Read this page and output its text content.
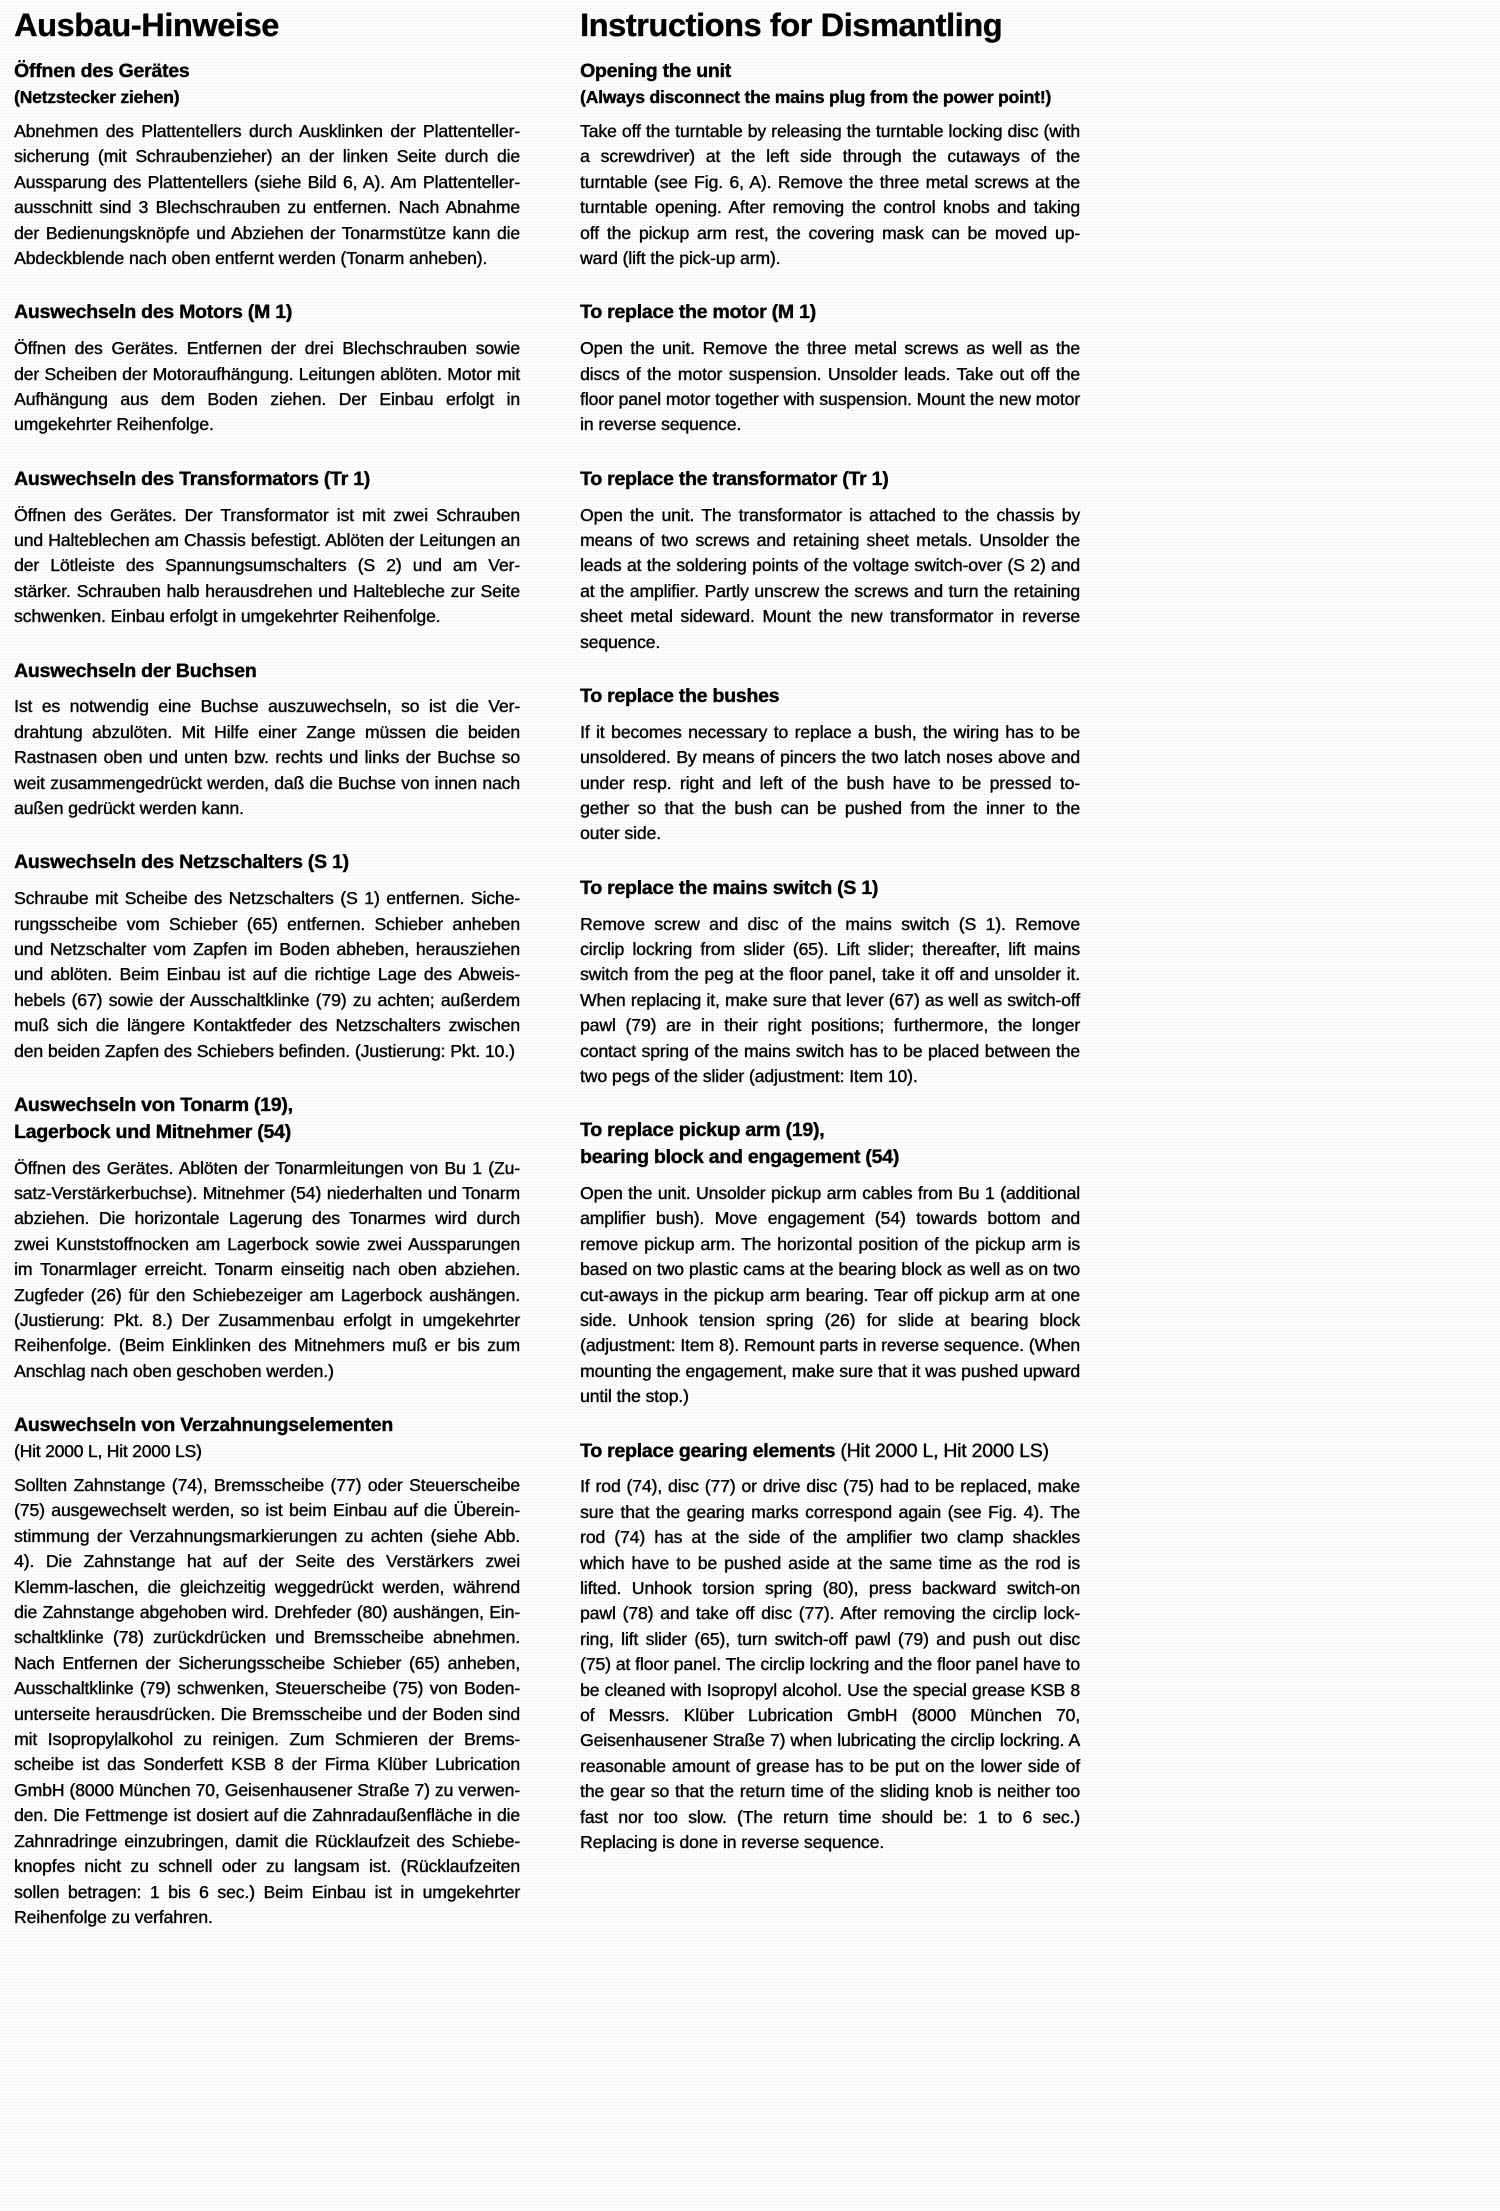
Ausbau-Hinweise
Öffnen des Gerätes
(Netzstecker ziehen)

Abnehmen des Plattentellers durch Ausklinken der Plattenteller-sicherung (mit Schraubenzieher) an der linken Seite durch die Aussparung des Plattentellers (siehe Bild 6, A). Am Plattenteller-ausschnitt sind 3 Blechschrauben zu entfernen. Nach Abnahme der Bedienungsknöpfe und Abziehen der Tonarmstütze kann die Abdeckblende nach oben entfernt werden (Tonarm anheben).

Auswechseln des Motors (M 1)

Öffnen des Gerätes. Entfernen der drei Blechschrauben sowie der Scheiben der Motoraufhängung. Leitungen ablöten. Motor mit Aufhängung aus dem Boden ziehen. Der Einbau erfolgt in umgekehrter Reihenfolge.

Auswechseln des Transformators (Tr 1)

Öffnen des Gerätes. Der Transformator ist mit zwei Schrauben und Halteblechen am Chassis befestigt. Ablöten der Leitungen an der Lötleiste des Spannungsumschalters (S 2) und am Ver-stärker. Schrauben halb herausdrehen und Haltebleche zur Seite schwenken. Einbau erfolgt in umgekehrter Reihenfolge.

Auswechseln der Buchsen

Ist es notwendig eine Buchse auszuwechseln, so ist die Ver-drahtung abzulöten. Mit Hilfe einer Zange müssen die beiden Rastnasen oben und unten bzw. rechts und links der Buchse so weit zusammengedrückt werden, daß die Buchse von innen nach außen gedrückt werden kann.

Auswechseln des Netzschalters (S 1)

Schraube mit Scheibe des Netzschalters (S 1) entfernen. Siche-rungsscheibe vom Schieber (65) entfernen. Schieber anheben und Netzschalter vom Zapfen im Boden abheben, herausziehen und ablöten. Beim Einbau ist auf die richtige Lage des Abweis-hebels (67) sowie der Ausschaltklinke (79) zu achten; außerdem muß sich die längere Kontaktfeder des Netzschalters zwischen den beiden Zapfen des Schiebers befinden. (Justierung: Pkt. 10.)

Auswechseln von Tonarm (19),
Lagerbock und Mitnehmer (54)

Öffnen des Gerätes. Ablöten der Tonarmleitungen von Bu 1 (Zu-satz-Verstärkerbuchse). Mitnehmer (54) niederhalten und Tonarm abziehen. Die horizontale Lagerung des Tonarmes wird durch zwei Kunststoffnocken am Lagerbock sowie zwei Aussparungen im Tonarmlager erreicht. Tonarm einseitig nach oben abziehen. Zugfeder (26) für den Schiebezeiger am Lagerbock aushängen. (Justierung: Pkt. 8.) Der Zusammenbau erfolgt in umgekehrter Reihenfolge. (Beim Einklinken des Mitnehmers muß er bis zum Anschlag nach oben geschoben werden.)

Auswechseln von Verzahnungselementen
(Hit 2000 L, Hit 2000 LS)

Sollten Zahnstange (74), Bremsscheibe (77) oder Steuerscheibe (75) ausgewechselt werden, so ist beim Einbau auf die Überein-stimmung der Verzahnungsmarkierungen zu achten (siehe Abb. 4). Die Zahnstange hat auf der Seite des Verstärkers zwei Klemm-laschen, die gleichzeitig weggedrückt werden, während die Zahnstange abgehoben wird. Drehfeder (80) aushängen, Ein-schaltklinke (78) zurückdrücken und Bremsscheibe abnehmen. Nach Entfernen der Sicherungsscheibe Schieber (65) anheben, Ausschaltklinke (79) schwenken, Steuerscheibe (75) von Boden-unterseite herausdrücken. Die Bremsscheibe und der Boden sind mit Isopropylalkohol zu reinigen. Zum Schmieren der Brems-scheibe ist das Sonderfett KSB 8 der Firma Klüber Lubrication GmbH (8000 München 70, Geisenhausener Straße 7) zu verwen-den. Die Fettmenge ist dosiert auf die Zahnradaußenfläche in die Zahnradringe einzubringen, damit die Rücklaufzeit des Schiebe-knopfes nicht zu schnell oder zu langsam ist. (Rücklaufzeiten sollen betragen: 1 bis 6 sec.) Beim Einbau ist in umgekehrter Reihenfolge zu verfahren.

Instructions for Dismantling
Opening the unit
(Always disconnect the mains plug from the power point!)

Take off the turntable by releasing the turntable locking disc (with a screwdriver) at the left side through the cutaways of the turntable (see Fig. 6, A). Remove the three metal screws at the turntable opening. After removing the control knobs and taking off the pickup arm rest, the covering mask can be moved up-ward (lift the pick-up arm).

To replace the motor (M 1)

Open the unit. Remove the three metal screws as well as the discs of the motor suspension. Unsolder leads. Take out off the floor panel motor together with suspension. Mount the new motor in reverse sequence.

To replace the transformator (Tr 1)

Open the unit. The transformator is attached to the chassis by means of two screws and retaining sheet metals. Unsolder the leads at the soldering points of the voltage switch-over (S 2) and at the amplifier. Partly unscrew the screws and turn the retaining sheet metal sideward. Mount the new transformator in reverse sequence.

To replace the bushes

If it becomes necessary to replace a bush, the wiring has to be unsoldered. By means of pincers the two latch noses above and under resp. right and left of the bush have to be pressed to-gether so that the bush can be pushed from the inner to the outer side.

To replace the mains switch (S 1)

Remove screw and disc of the mains switch (S 1). Remove circlip lockring from slider (65). Lift slider; thereafter, lift mains switch from the peg at the floor panel, take it off and unsolder it. When replacing it, make sure that lever (67) as well as switch-off pawl (79) are in their right positions; furthermore, the longer contact spring of the mains switch has to be placed between the two pegs of the slider (adjustment: Item 10).

To replace pickup arm (19),
bearing block and engagement (54)

Open the unit. Unsolder pickup arm cables from Bu 1 (additional amplifier bush). Move engagement (54) towards bottom and remove pickup arm. The horizontal position of the pickup arm is based on two plastic cams at the bearing block as well as on two cut-aways in the pickup arm bearing. Tear off pickup arm at one side. Unhook tension spring (26) for slide at bearing block (adjustment: Item 8). Remount parts in reverse sequence. (When mounting the engagement, make sure that it was pushed upward until the stop.)

To replace gearing elements (Hit 2000 L, Hit 2000 LS)

If rod (74), disc (77) or drive disc (75) had to be replaced, make sure that the gearing marks correspond again (see Fig. 4). The rod (74) has at the side of the amplifier two clamp shackles which have to be pushed aside at the same time as the rod is lifted. Unhook torsion spring (80), press backward switch-on pawl (78) and take off disc (77). After removing the circlip lock-ring, lift slider (65), turn switch-off pawl (79) and push out disc (75) at floor panel. The circlip lockring and the floor panel have to be cleaned with Isopropyl alcohol. Use the special grease KSB 8 of Messrs. Klüber Lubrication GmbH (8000 München 70, Geisenhausener Straße 7) when lubricating the circlip lockring. A reasonable amount of grease has to be put on the lower side of the gear so that the return time of the sliding knob is neither too fast nor too slow. (The return time should be: 1 to 6 sec.) Replacing is done in reverse sequence.
